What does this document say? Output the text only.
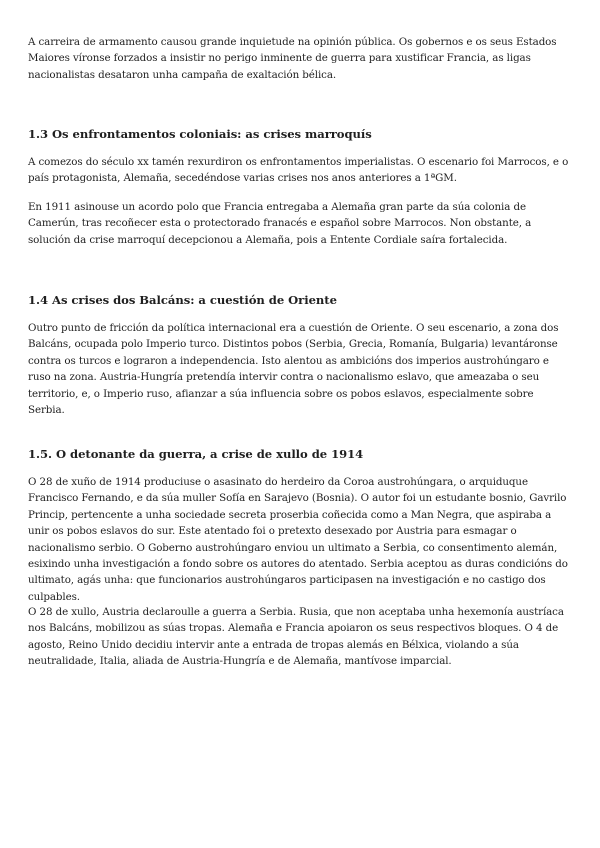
A carreira de armamento causou grande inquietude na opinión pública. Os gobernos e os seus Estados Maiores víronse forzados a insistir no perigo inminente de guerra para xustificar Francia, as ligas nacionalistas desataron unha campaña de exaltación bélica.

1.3 Os enfrontamentos coloniais: as crises marroquís

A comezos do século xx tamén rexurdiron os enfrontamentos imperialistas. O escenario foi Marrocos, e o país protagonista, Alemaña, secedéndose varias crises nos anos anteriores a 1ªGM.

En 1911 asinouse un acordo polo que Francia entregaba a Alemaña gran parte da súa colonia de Camerún, tras recoñecer esta o protectorado franacés e español sobre Marrocos. Non obstante, a solución da crise marroquí decepcionou a Alemaña, pois a Entente Cordiale saíra fortalecida.

1.4 As crises dos Balcáns: a cuestión de Oriente

Outro punto de fricción da política internacional era a cuestión de Oriente. O seu escenario, a zona dos Balcáns, ocupada polo Imperio turco. Distintos pobos (Serbia, Grecia, Romanía, Bulgaria) levantáronse contra os turcos e lograron a independencia. Isto alentou as ambicións dos imperios austrohúngaro e ruso na zona. Austria-Hungría pretendía intervir contra o nacionalismo eslavo, que ameazaba o seu territorio, e, o Imperio ruso, afianzar a súa influencia sobre os pobos eslavos, especialmente sobre Serbia.

1.5. O detonante da guerra, a crise de xullo de 1914

O 28 de xuño de 1914 produciuse o asasinato do herdeiro da Coroa austrohúngara, o arquiduque Francisco Fernando, e da súa muller Sofía en Sarajevo (Bosnia). O autor foi un estudante bosnio, Gavrilo Princip, pertencente a unha sociedade secreta proserbia coñecida como a Man Negra, que aspiraba a unir os pobos eslavos do sur. Este atentado foi o pretexto desexado por Austria para esmagar o nacionalismo serbio. O Goberno austrohúngaro enviou un ultimato a Serbia, co consentimento alemán, esixindo unha investigación a fondo sobre os autores do atentado. Serbia aceptou as duras condicións do ultimato, agás unha: que funcionarios austrohúngaros participasen na investigación e no castigo dos culpables.

O 28 de xullo, Austria declaroulle a guerra a Serbia. Rusia, que non aceptaba unha hexemonía austríaca nos Balcáns, mobilizou as súas tropas. Alemaña e Francia apoiaron os seus respectivos bloques. O 4 de agosto, Reino Unido decidiu intervir ante a entrada de tropas alemás en Bélxica, violando a súa neutralidade, Italia, aliada de Austria-Hungría e de Alemaña, mantívose imparcial.
